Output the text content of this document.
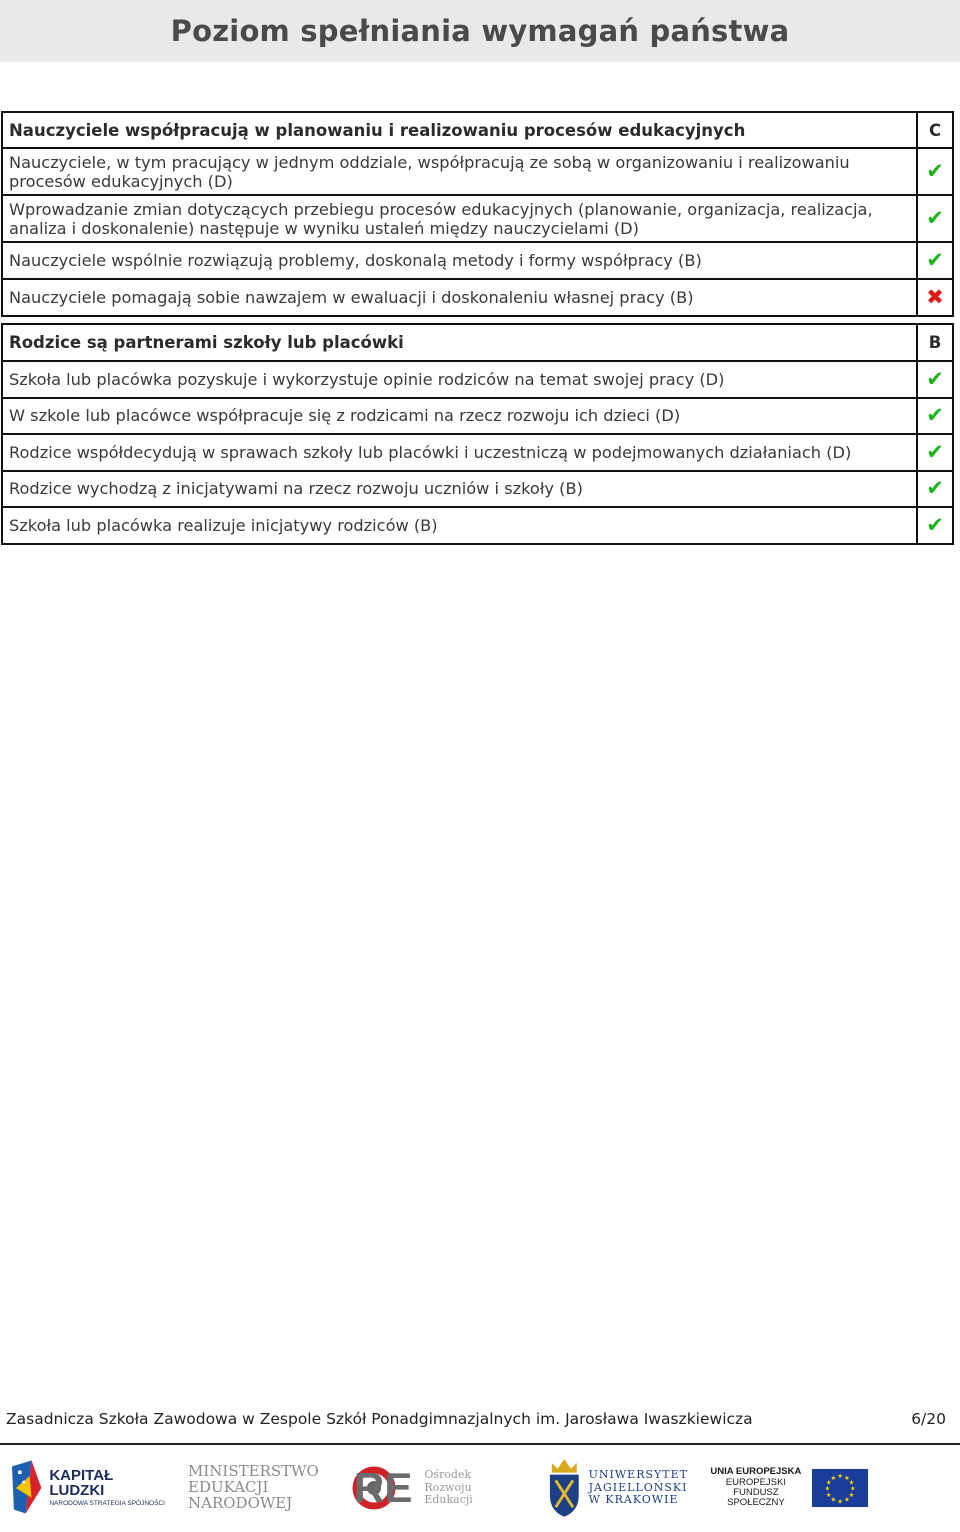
Poziom spełniania wymagań państwa
Nauczyciele współpracują w planowaniu i realizowaniu procesów edukacyjnych	C
Nauczyciele, w tym pracujący w jednym oddziale, współpracują ze sobą w organizowaniu i realizowaniu procesów edukacyjnych (D)	✔
Wprowadzanie zmian dotyczących przebiegu procesów edukacyjnych (planowanie, organizacja, realizacja, analiza i doskonalenie) następuje w wyniku ustaleń między nauczycielami (D)	✔
Nauczyciele wspólnie rozwiązują problemy, doskonalą metody i formy współpracy (B)	✔
Nauczyciele pomagają sobie nawzajem w ewaluacji i doskonaleniu własnej pracy (B)	✖
Rodzice są partnerami szkoły lub placówki	B
Szkoła lub placówka pozyskuje i wykorzystuje opinie rodziców na temat swojej pracy (D)	✔
W szkole lub placówce współpracuje się z rodzicami na rzecz rozwoju ich dzieci (D)	✔
Rodzice współdecydują w sprawach szkoły lub placówki i uczestniczą w podejmowanych działaniach (D)	✔
Rodzice wychodzą z inicjatywami na rzecz rozwoju uczniów i szkoły (B)	✔
Szkoła lub placówka realizuje inicjatywy rodziców (B)	✔
Zasadnicza Szkoła Zawodowa w Zespole Szkół Ponadgimnazjalnych im. Jarosława Iwaszkiewicza	6/20
KAPITAŁ LUDZKI
NARODOWA STRATEGIA SPÓJNOŚCI
MINISTERSTWO
EDUKACJI
NARODOWEJ	RE Ośrodek
Rozwoju
Edukacji
UNIWERSYTET
JAGIELLOŃSKI
W KRAKOWIE
UNIA EUROPEJSKA
EUROPEJSKI
FUNDUSZ SPOŁECZNY
★ ★
★
★
★
★
★
★
★
★
★
★
